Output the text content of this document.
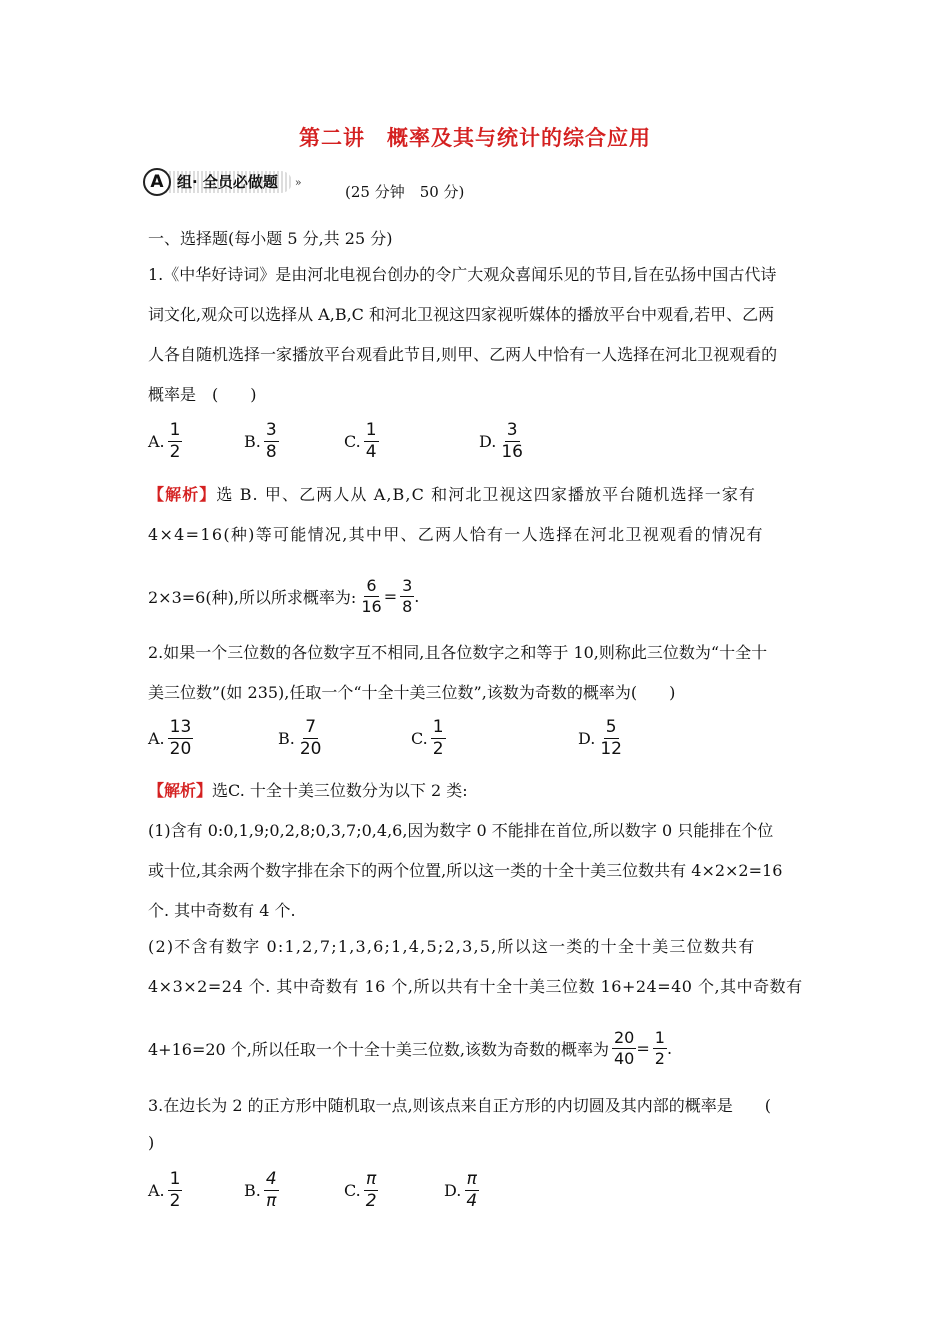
第二讲　概率及其与统计的综合应用
A 组· 全员必做题	»
(25 分钟　50 分)
一、选择题(每小题 5 分,共 25 分)
1.《中华好诗词》是由河北电视台创办的令广大观众喜闻乐见的节目,旨在弘扬中国古代诗
词文化,观众可以选择从 A,B,C 和河北卫视这四家视听媒体的播放平台中观看,若甲、乙两
人各自随机选择一家播放平台观看此节目,则甲、乙两人中恰有一人选择在河北卫视观看的
概率是　(　　)
A. $\frac{1}{2}$	B. $\frac{3}{8}$	C. $\frac{1}{4}$	D. $\frac{3}{16}$
【解析】选 B. 甲、乙两人从 A,B,C 和河北卫视这四家播放平台随机选择一家有
4×4=16(种)等可能情况,其中甲、乙两人恰有一人选择在河北卫视观看的情况有
2×3=6(种),所以所求概率为: $\frac{6}{16} = \frac{3}{8}$ .
2.如果一个三位数的各位数字互不相同,且各位数字之和等于 10,则称此三位数为“十全十
美三位数”(如 235),任取一个“十全十美三位数”,该数为奇数的概率为(　　)
A. $\frac{13}{20}$	B. $\frac{7}{20}$	C. $\frac{1}{2}$	D. $\frac{5}{12}$
【解析】选C. 十全十美三位数分为以下 2 类:
(1)含有 0:0,1,9;0,2,8;0,3,7;0,4,6,因为数字 0 不能排在首位,所以数字 0 只能排在个位
或十位,其余两个数字排在余下的两个位置,所以这一类的十全十美三位数共有 4×2×2=16
个. 其中奇数有 4 个.
(2)不含有数字 0:1,2,7;1,3,6;1,4,5;2,3,5,所以这一类的十全十美三位数共有
4×3×2=24 个. 其中奇数有 16 个,所以共有十全十美三位数 16+24=40 个,其中奇数有
4+16=20 个,所以任取一个十全十美三位数,该数为奇数的概率为 $\frac{20}{40} = \frac{1}{2}$ .
3.在边长为 2 的正方形中随机取一点,则该点来自正方形的内切圆及其内部的概率是　　(
)
A. $\frac{1}{2}$	B. $\frac{4}{\pi}$	C. $\frac{\pi}{2}$	D. $\frac{\pi}{4}$
